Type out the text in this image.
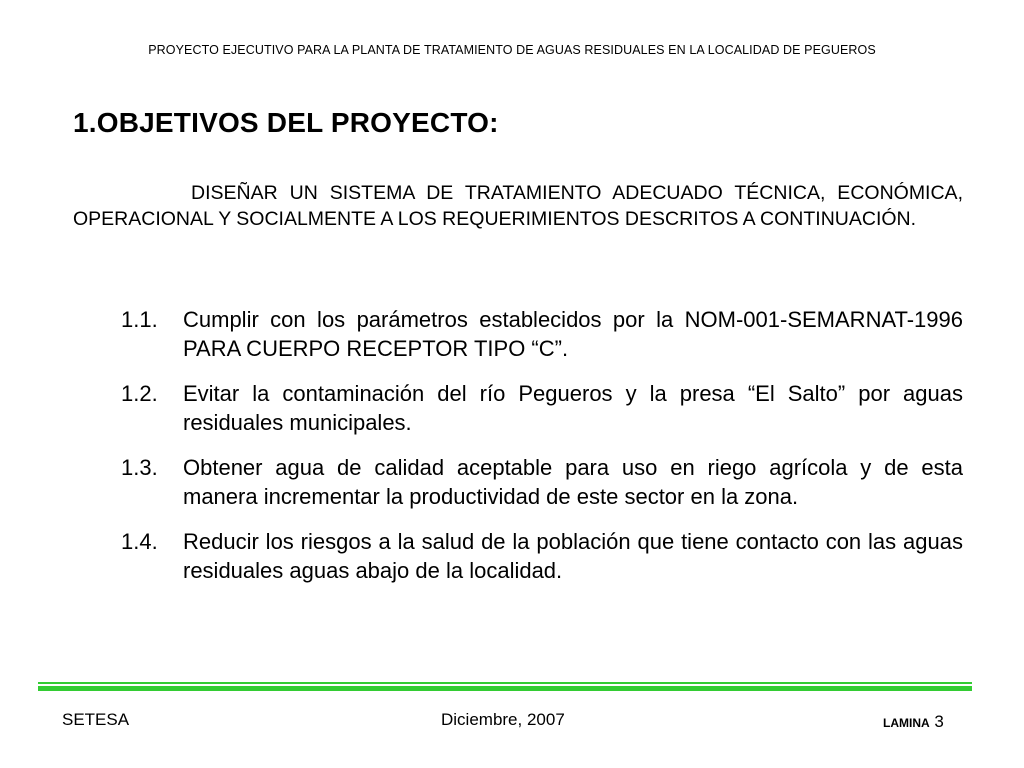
PROYECTO EJECUTIVO PARA LA PLANTA DE TRATAMIENTO DE AGUAS RESIDUALES EN LA LOCALIDAD DE PEGUEROS
1.OBJETIVOS DEL PROYECTO:
DISEÑAR UN SISTEMA DE TRATAMIENTO ADECUADO TÉCNICA, ECONÓMICA, OPERACIONAL Y SOCIALMENTE A LOS REQUERIMIENTOS DESCRITOS A CONTINUACIÓN.
1.1.	Cumplir con los parámetros establecidos por la NOM-001-SEMARNAT-1996 PARA CUERPO RECEPTOR TIPO “C”.
1.2.	Evitar la contaminación del río Pegueros y la presa “El Salto” por aguas residuales municipales.
1.3.	Obtener agua de calidad aceptable para uso en riego agrícola y de esta manera incrementar la productividad de este sector en la zona.
1.4.	Reducir los riesgos a la salud de la población que tiene contacto con las aguas residuales aguas abajo de la localidad.
SETESA	Diciembre, 2007	LAMINA 3
